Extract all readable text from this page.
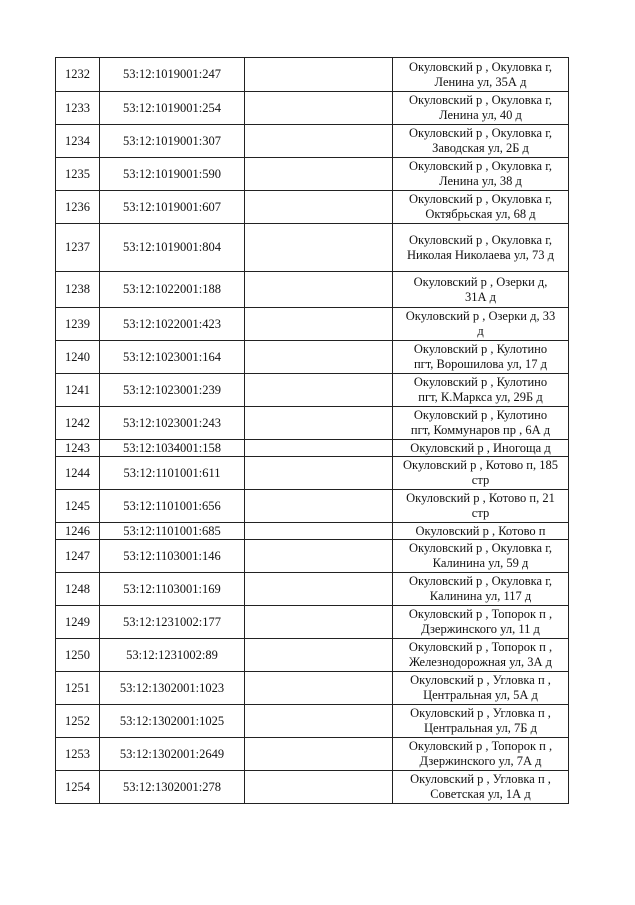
1232	53:12:1019001:247		Окуловский р , Окуловка г,
Ленина ул, 35А д

1233	53:12:1019001:254		Окуловский р , Окуловка г,
Ленина ул, 40 д

1234	53:12:1019001:307		Окуловский р , Окуловка г,
Заводская ул, 2Б д

1235	53:12:1019001:590		Окуловский р , Окуловка г,
Ленина ул, 38 д

1236	53:12:1019001:607		Окуловский р , Окуловка г,
Октябрьская ул, 68 д

1237	53:12:1019001:804		Окуловский р , Окуловка г,
Николая Николаева ул, 73 д

1238	53:12:1022001:188		Окуловский р , Озерки д,
31А д

1239	53:12:1022001:423		Окуловский р , Озерки д, 33
д

1240	53:12:1023001:164		Окуловский р , Кулотино
пгт, Ворошилова ул, 17 д

1241	53:12:1023001:239		Окуловский р , Кулотино
пгт, К.Маркса ул, 29Б д

1242	53:12:1023001:243		Окуловский р , Кулотино
пгт, Коммунаров пр , 6А д

1243	53:12:1034001:158		Окуловский р , Иногоща д

1244	53:12:1101001:611		Окуловский р , Котово п, 185
стр

1245	53:12:1101001:656		Окуловский р , Котово п, 21
стр

1246	53:12:1101001:685		Окуловский р , Котово п

1247	53:12:1103001:146		Окуловский р , Окуловка г,
Калинина ул, 59 д

1248	53:12:1103001:169		Окуловский р , Окуловка г,
Калинина ул, 117 д

1249	53:12:1231002:177		Окуловский р , Топорок п ,
Дзержинского ул, 11 д

1250	53:12:1231002:89		Окуловский р , Топорок п ,
Железнодорожная ул, 3А д

1251	53:12:1302001:1023		Окуловский р , Угловка п ,
Центральная ул, 5А д

1252	53:12:1302001:1025		Окуловский р , Угловка п ,
Центральная ул, 7Б д

1253	53:12:1302001:2649		Окуловский р , Топорок п ,
Дзержинского ул, 7А д

1254	53:12:1302001:278		Окуловский р , Угловка п ,
Советская ул, 1А д
